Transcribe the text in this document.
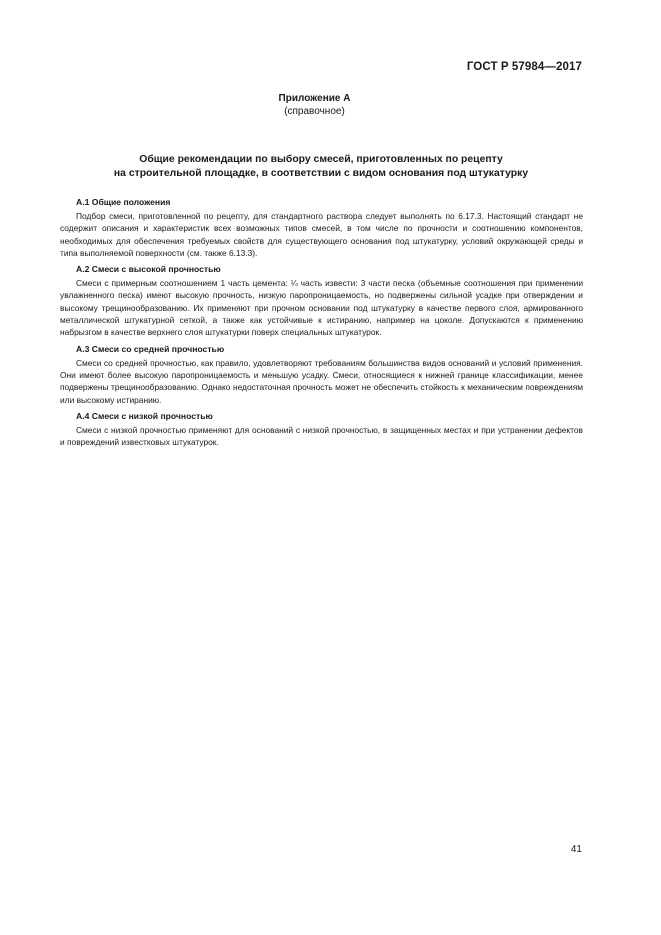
ГОСТ Р 57984—2017
Приложение А
(справочное)
Общие рекомендации по выбору смесей, приготовленных по рецепту
на строительной площадке, в соответствии с видом основания под штукатурку
А.1 Общие положения

Подбор смеси, приготовленной по рецепту, для стандартного раствора следует выполнять по 6.17.3. Настоящий стандарт не содержит описания и характеристик всех возможных типов смесей, в том числе по прочности и соотношению компонентов, необходимых для обеспечения требуемых свойств для существующего основания под штукатурку, условий окружающей среды и типа выполняемой поверхности (см. также 6.13.3).

А.2 Смеси с высокой прочностью

Смеси с примерным соотношением 1 часть цемента: ¼ часть извести: 3 части песка (объемные соотношения при применении увлажненного песка) имеют высокую прочность, низкую паропроницаемость, но подвержены сильной усадке при отверждении и высокому трещинообразованию. Их применяют при прочном основании под штукатурку в качестве первого слоя, армированного металлической штукатурной сеткой, а также как устойчивые к истиранию, например на цоколе. Допускаются к применению набрызгом в качестве верхнего слоя штукатурки поверх специальных штукатурок.

А.3 Смеси со средней прочностью

Смеси со средней прочностью, как правило, удовлетворяют требованиям большинства видов оснований и условий применения. Они имеют более высокую паропроницаемость и меньшую усадку. Смеси, относящиеся к нижней границе классификации, менее подвержены трещинообразованию. Однако недостаточная прочность может не обеспечить стойкость к механическим повреждениям или высокому истиранию.

А.4 Смеси с низкой прочностью

Смеси с низкой прочностью применяют для оснований с низкой прочностью, в защищенных местах и при устранении дефектов и повреждений известковых штукатурок.

41
